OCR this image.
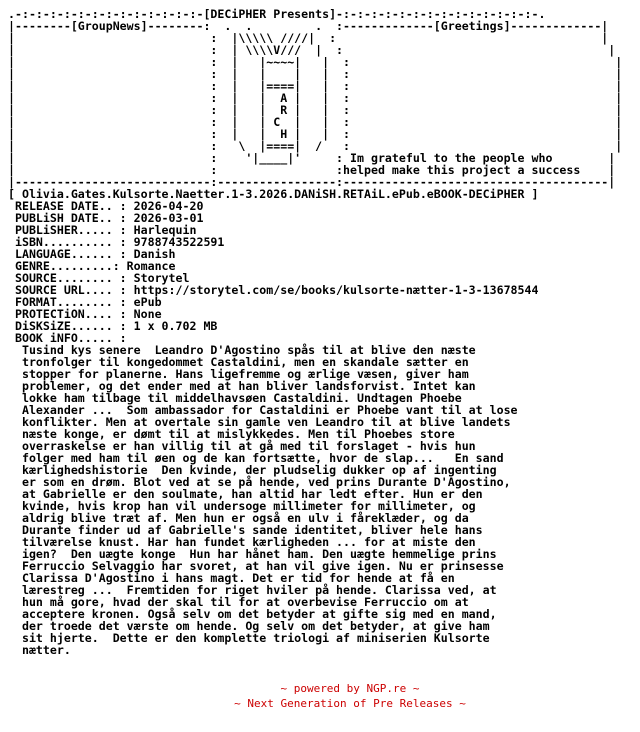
.-:-:-:-:-:-:-:-:-:-:-:-:-:-[DECiPHER Presents]-:-:-:-:-:-:-:-:-:-:-:-:-:-:-.
|--------[GroupNews]--------:  .  .         .  :-------------[Greetings]-------------|
|                            :  |\\\\\ ////|  :                                      |
|                            :  | \\\\V///  |  :                                      |
|                            :  |   |~~~~|   |  :                                      |
|                            :  |   |    |   |  :                                      |
|                            :  |   |====|   |  :                                      |
|                            :  |   |  A |   |  :                                      |
|                            :  |   |  R |   |  :                                      |
|                            :  |   | C  |   |  :                                      |
|                            :  |   |  H |   |  :                                      |
|                            :   \  |====|  /   :                                      |
|                            :    '|____|'     : Im grateful to the people who        |
|                            :                 :helped make this project a success    |
|----------------------------:-----------------:--------------------------------------|
[ Olivia.Gates.Kulsorte.Naetter.1-3.2026.DANiSH.RETAiL.ePub.eBOOK-DECiPHER ]
RELEASE DATE.. : 2026-04-20
PUBLiSH DATE.. : 2026-03-01
PUBLiSHER..... : Harlequin
iSBN.......... : 9788743522591
LANGUAGE...... : Danish
GENRE.........: Romance
SOURCE........ : Storytel
SOURCE URL.... : https://storytel.com/se/books/kulsorte-nætter-1-3-13678544
FORMAT........ : ePub
PROTECTiON.... : None
DiSKSiZE...... : 1 x 0.702 MB
BOOK iNFO..... :
Tusind kys senere  Leandro D'Agostino spås til at blive den næste
tronfolger til kongedommet Castaldini, men en skandale sætter en
stopper for planerne. Hans ligefremme og ærlige væsen, giver ham
problemer, og det ender med at han bliver landsforvist. Intet kan
lokke ham tilbage til middelhavsøen Castaldini. Undtagen Phoebe
Alexander ...  Som ambassador for Castaldini er Phoebe vant til at lose
konflikter. Men at overtale sin gamle ven Leandro til at blive landets
næste konge, er dømt til at mislykkedes. Men til Phoebes store
overraskelse er han villig til at gå med til forslaget - hvis hun
folger med ham til øen og de kan fortsætte, hvor de slap...   En sand
kærlighedshistorie  Den kvinde, der pludselig dukker op af ingenting
er som en drøm. Blot ved at se på hende, ved prins Durante D'Agostino,
at Gabrielle er den soulmate, han altid har ledt efter. Hun er den
kvinde, hvis krop han vil undersoge millimeter for millimeter, og
aldrig blive træt af. Men hun er også en ulv i fåreklæder, og da
Durante finder ud af Gabrielle's sande identitet, bliver hele hans
tilværelse knust. Har han fundet kærligheden ... for at miste den
igen?  Den uægte konge  Hun har hånet ham. Den uægte hemmelige prins
Ferruccio Selvaggio har svoret, at han vil give igen. Nu er prinsesse
Clarissa D'Agostino i hans magt. Det er tid for hende at få en
lærestreg ...  Fremtiden for riget hviler på hende. Clarissa ved, at
hun må gore, hvad der skal til for at overbevise Ferruccio om at
acceptere kronen. Også selv om det betyder at gifte sig med en mand,
der troede det værste om hende. Og selv om det betyder, at give ham
sit hjerte.  Dette er den komplette triologi af miniserien Kulsorte
nætter.
~ powered by NGP.re ~
~ Next Generation of Pre Releases ~
